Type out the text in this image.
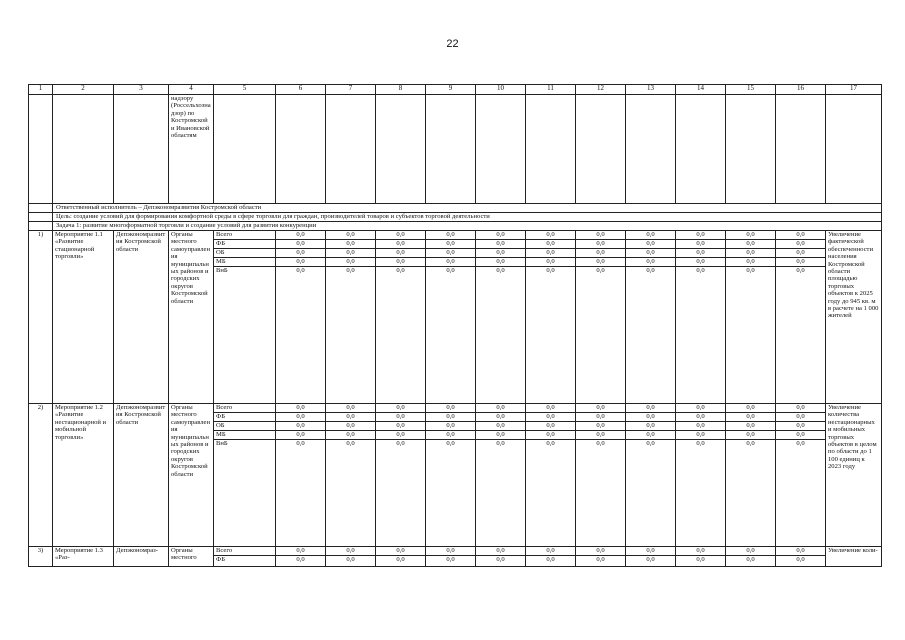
22
1	2	3	4	5	6	7	8	9	10	11	12	13	14	15	16	17
			надзору (Россельхознадзор) по Костромской и Ивановской областям													
	Ответственный исполнитель – Депэкономразвития Костромской области															
	Цель: создание условий для формирования комфортной среды в сфере торговли для граждан, производителей товаров и субъектов торговой деятельности															
	Задача 1: развитие многоформатной торговли и создание условий для развития конкуренции															
1)	Мероприятие 1.1 «Развитие стационарной торговли»	Депэкономразвития Костромской области	Органы местного самоуправления муниципальных районов и городских округов Костромской области	Всего	0,0	0,0	0,0	0,0	0,0	0,0	0,0	0,0	0,0	0,0	0,0	Увеличение фактической обеспеченности населения Костромской области площадью торговых объектов к 2025 году до 945 кв. м в расчете на 1 000 жителей
				ФБ	0,0	0,0	0,0	0,0	0,0	0,0	0,0	0,0	0,0	0,0	0,0	
				ОБ	0,0	0,0	0,0	0,0	0,0	0,0	0,0	0,0	0,0	0,0	0,0	
				МБ	0,0	0,0	0,0	0,0	0,0	0,0	0,0	0,0	0,0	0,0	0,0	
				ВнБ	0,0	0,0	0,0	0,0	0,0	0,0	0,0	0,0	0,0	0,0	0,0	
2)	Мероприятие 1.2 «Развитие нестационарной и мобильной торговли»	Депэкономразвития Костромской области	Органы местного самоуправления муниципальных районов и городских округов Костромской области	Всего	0,0	0,0	0,0	0,0	0,0	0,0	0,0	0,0	0,0	0,0	0,0	Увеличение количества нестационарных и мобильных торговых объектов в целом по области до 1 100 единиц к 2023 году
				ФБ	0,0	0,0	0,0	0,0	0,0	0,0	0,0	0,0	0,0	0,0	0,0	
				ОБ	0,0	0,0	0,0	0,0	0,0	0,0	0,0	0,0	0,0	0,0	0,0	
				МБ	0,0	0,0	0,0	0,0	0,0	0,0	0,0	0,0	0,0	0,0	0,0	
				ВнБ	0,0	0,0	0,0	0,0	0,0	0,0	0,0	0,0	0,0	0,0	0,0	
3)	Мероприятие 1.3 «Раз-	Депэкономраз-	Органы местного	Всего	0,0	0,0	0,0	0,0	0,0	0,0	0,0	0,0	0,0	0,0	0,0	Увеличение коли-
				ФБ	0,0	0,0	0,0	0,0	0,0	0,0	0,0	0,0	0,0	0,0	0,0	
